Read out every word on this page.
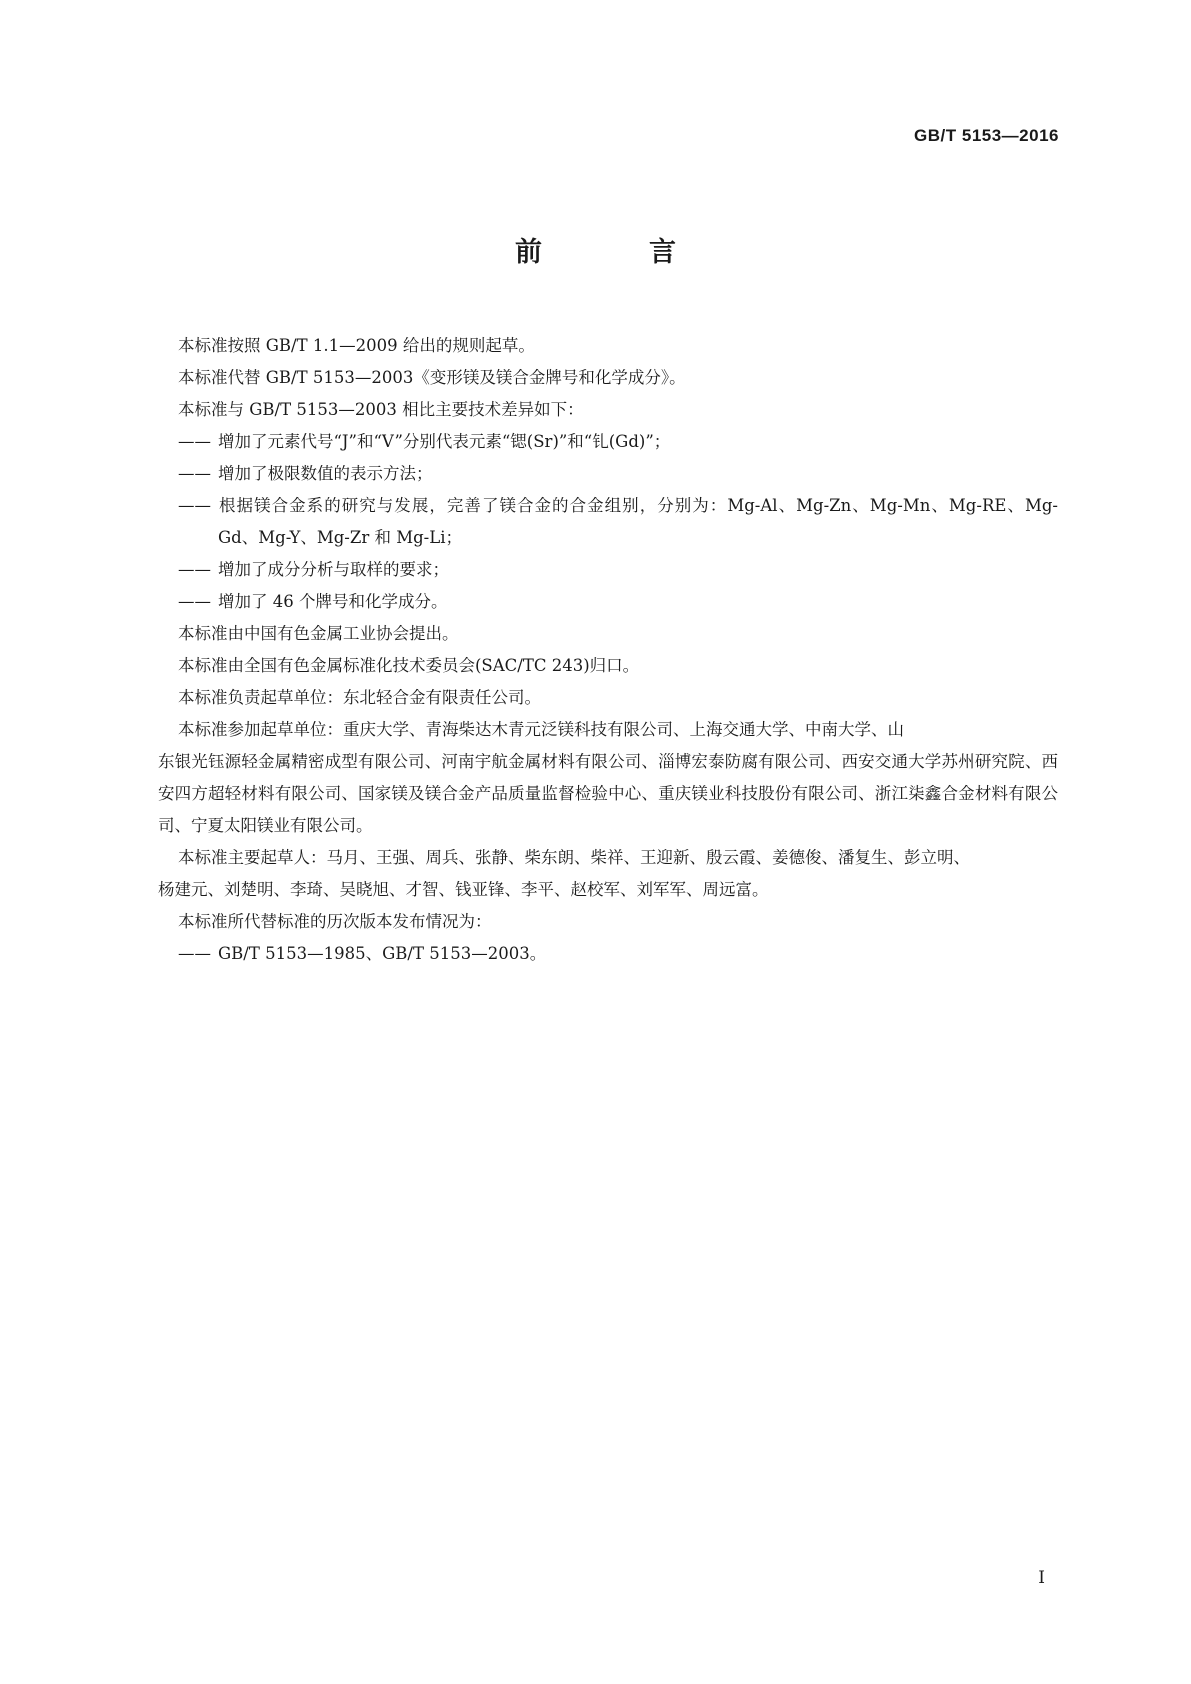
GB/T 5153—2016
前　言

本标准按照 GB/T 1.1—2009 给出的规则起草。

本标准代替 GB/T 5153—2003《变形镁及镁合金牌号和化学成分》。

本标准与 GB/T 5153—2003 相比主要技术差异如下：

—— 增加了元素代号“J”和“V”分别代表元素“锶(Sr)”和“钆(Gd)”；

—— 增加了极限数值的表示方法；

—— 根据镁合金系的研究与发展，完善了镁合金的合金组别，分别为：Mg-Al、Mg-Zn、Mg-Mn、Mg-RE、Mg-Gd、Mg-Y、Mg-Zr 和 Mg-Li；

—— 增加了成分分析与取样的要求；

—— 增加了 46 个牌号和化学成分。

本标准由中国有色金属工业协会提出。

本标准由全国有色金属标准化技术委员会(SAC/TC 243)归口。

本标准负责起草单位：东北轻合金有限责任公司。

本标准参加起草单位：重庆大学、青海柴达木青元泛镁科技有限公司、上海交通大学、中南大学、山

东银光钰源轻金属精密成型有限公司、河南宇航金属材料有限公司、淄博宏泰防腐有限公司、西安交通大学苏州研究院、西安四方超轻材料有限公司、国家镁及镁合金产品质量监督检验中心、重庆镁业科技股份有限公司、浙江柒鑫合金材料有限公司、宁夏太阳镁业有限公司。

本标准主要起草人：马月、王强、周兵、张静、柴东朗、柴祥、王迎新、殷云霞、姜德俊、潘复生、彭立明、

杨建元、刘楚明、李琦、吴晓旭、才智、钱亚锋、李平、赵校军、刘军军、周远富。

本标准所代替标准的历次版本发布情况为：

—— GB/T 5153—1985、GB/T 5153—2003。

I
